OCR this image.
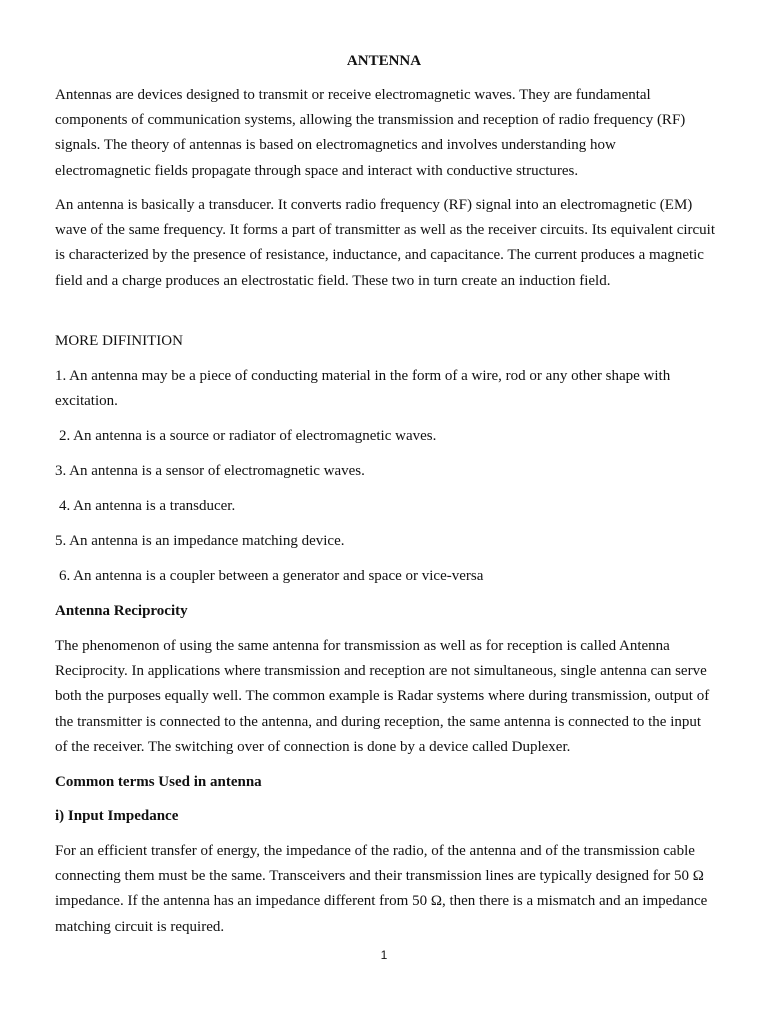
ANTENNA

Antennas are devices designed to transmit or receive electromagnetic waves. They are fundamental components of communication systems, allowing the transmission and reception of radio frequency (RF) signals. The theory of antennas is based on electromagnetics and involves understanding how electromagnetic fields propagate through space and interact with conductive structures.

An antenna is basically a transducer. It converts radio frequency (RF) signal into an electromagnetic (EM) wave of the same frequency. It forms a part of transmitter as well as the receiver circuits. Its equivalent circuit is characterized by the presence of resistance, inductance, and capacitance. The current produces a magnetic field and a charge produces an electrostatic field. These two in turn create an induction field.

MORE DIFINITION

1. An antenna may be a piece of conducting material in the form of a wire, rod or any other shape with excitation.

2. An antenna is a source or radiator of electromagnetic waves.

3. An antenna is a sensor of electromagnetic waves.

4. An antenna is a transducer.

5. An antenna is an impedance matching device.

6. An antenna is a coupler between a generator and space or vice-versa

Antenna Reciprocity

The phenomenon of using the same antenna for transmission as well as for reception is called Antenna Reciprocity. In applications where transmission and reception are not simultaneous, single antenna can serve both the purposes equally well. The common example is Radar systems where during transmission, output of the transmitter is connected to the antenna, and during reception, the same antenna is connected to the input of the receiver. The switching over of connection is done by a device called Duplexer.

Common terms Used in antenna

i) Input Impedance

For an efficient transfer of energy, the impedance of the radio, of the antenna and of the transmission cable connecting them must be the same. Transceivers and their transmission lines are typically designed for 50 Ω impedance. If the antenna has an impedance different from 50 Ω, then there is a mismatch and an impedance matching circuit is required.

1
